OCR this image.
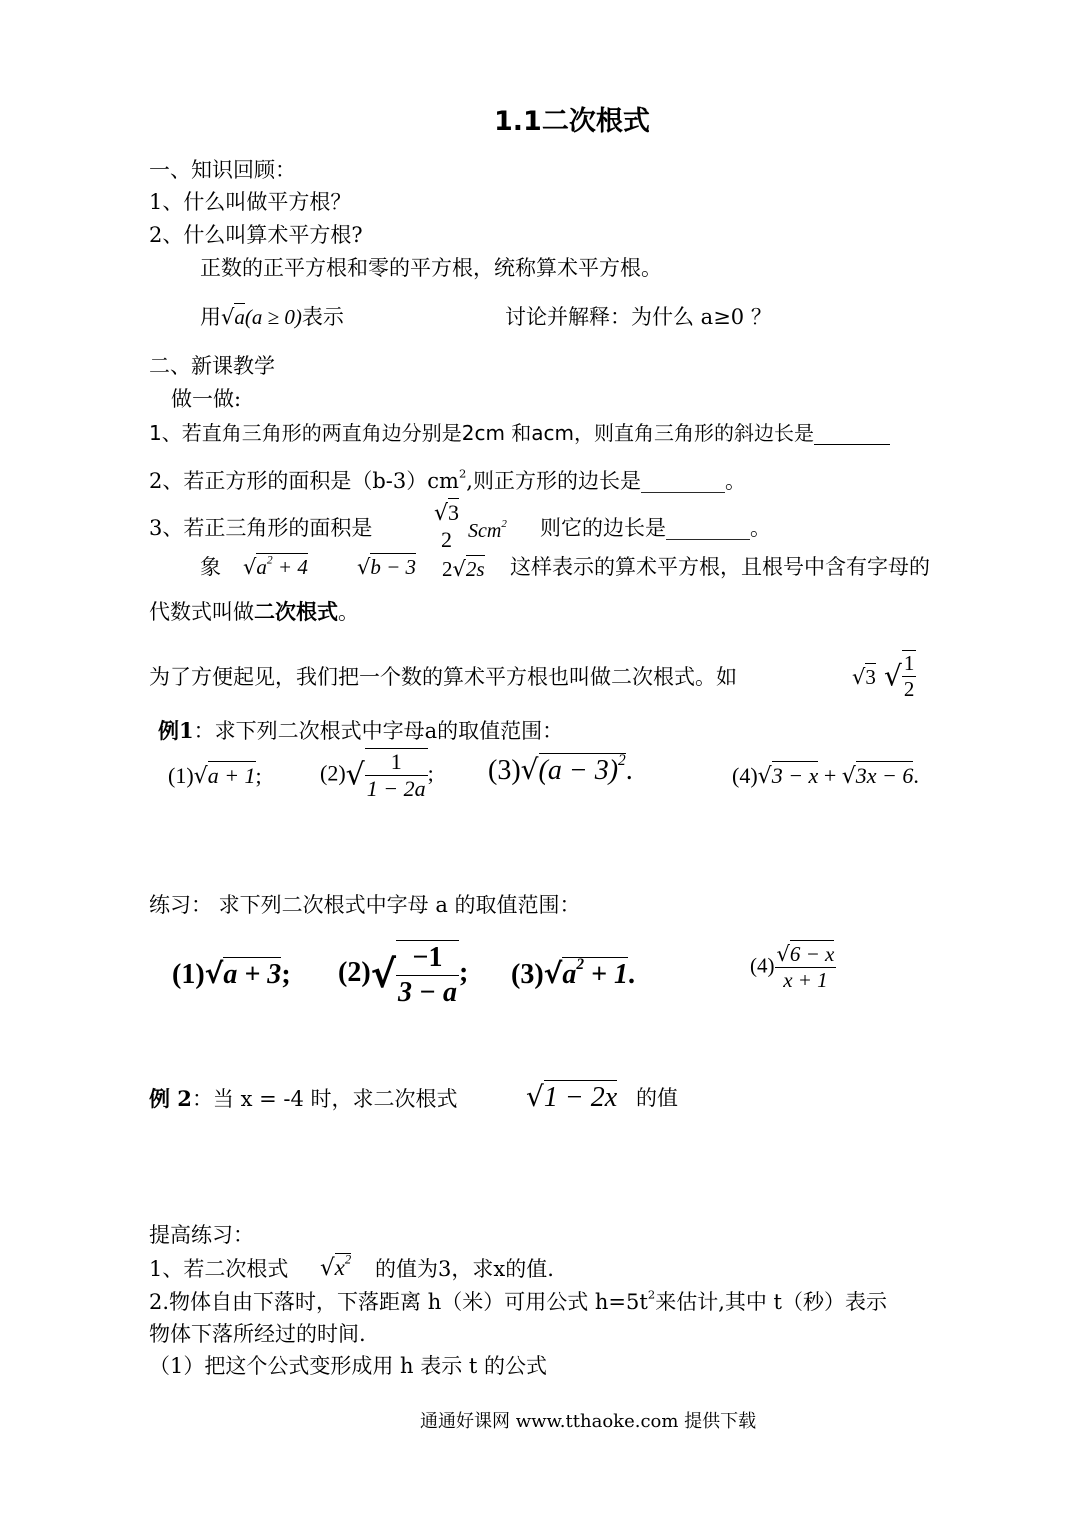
1.1二次根式
一、知识回顾：
1、什么叫做平方根？
2、什么叫算术平方根?
正数的正平方根和零的平方根，统称算术平方根。
用√a(a ≥ 0)表示	讨论并解释：为什么 a≥0 ？
二、新课教学
做一做:
1、若直角三角形的两直角边分别是2cm 和acm，则直角三角形的斜边长是
2、若正方形的面积是$(b-3)cm^2$,则正方形的边长是________。
3、若正三角形的面积是
√3
2 Scm$^2$ 则它的边长是________。
象 $√a^2 + 4$ √b − 3 2√2s 这样表示的算术平方根，且根号中含有字母的
代数式叫做二次根式。
为了方便起见，我们把一个数的算术平方根也叫做二次根式。如	√3 √ $\frac{1}{2}$
例1：求下列二次根式中字母a的取值范围：
(1)√a + 1;	$(2)√ \frac{1}{1 - 2a}$ ; $(3)√(a - 3)^2$.	(4)√3 − x + √3x − 6.
练习： 求下列二次根式中字母 a 的取值范围：
(1)√a + 3; $(2)√ \frac{-1}{3 - a}$ ; $(3)√a^2 + 1$.	$(4) \frac{√6 - x}{x + 1}$
例 2：当 x = -4 时，求二次根式 √1 − 2x 的值
提高练习：
1、若二次根式 $√x^2$ 的值为3，求x的值.
2.物体自由下落时，下落距离 h（米）可用公式 $h=5t^2$来估计,其中 t（秒）表示
物体下落所经过的时间.
（1）把这个公式变形成用 h 表示 t 的公式
通通好课网 www.tthaoke.com 提供下载
